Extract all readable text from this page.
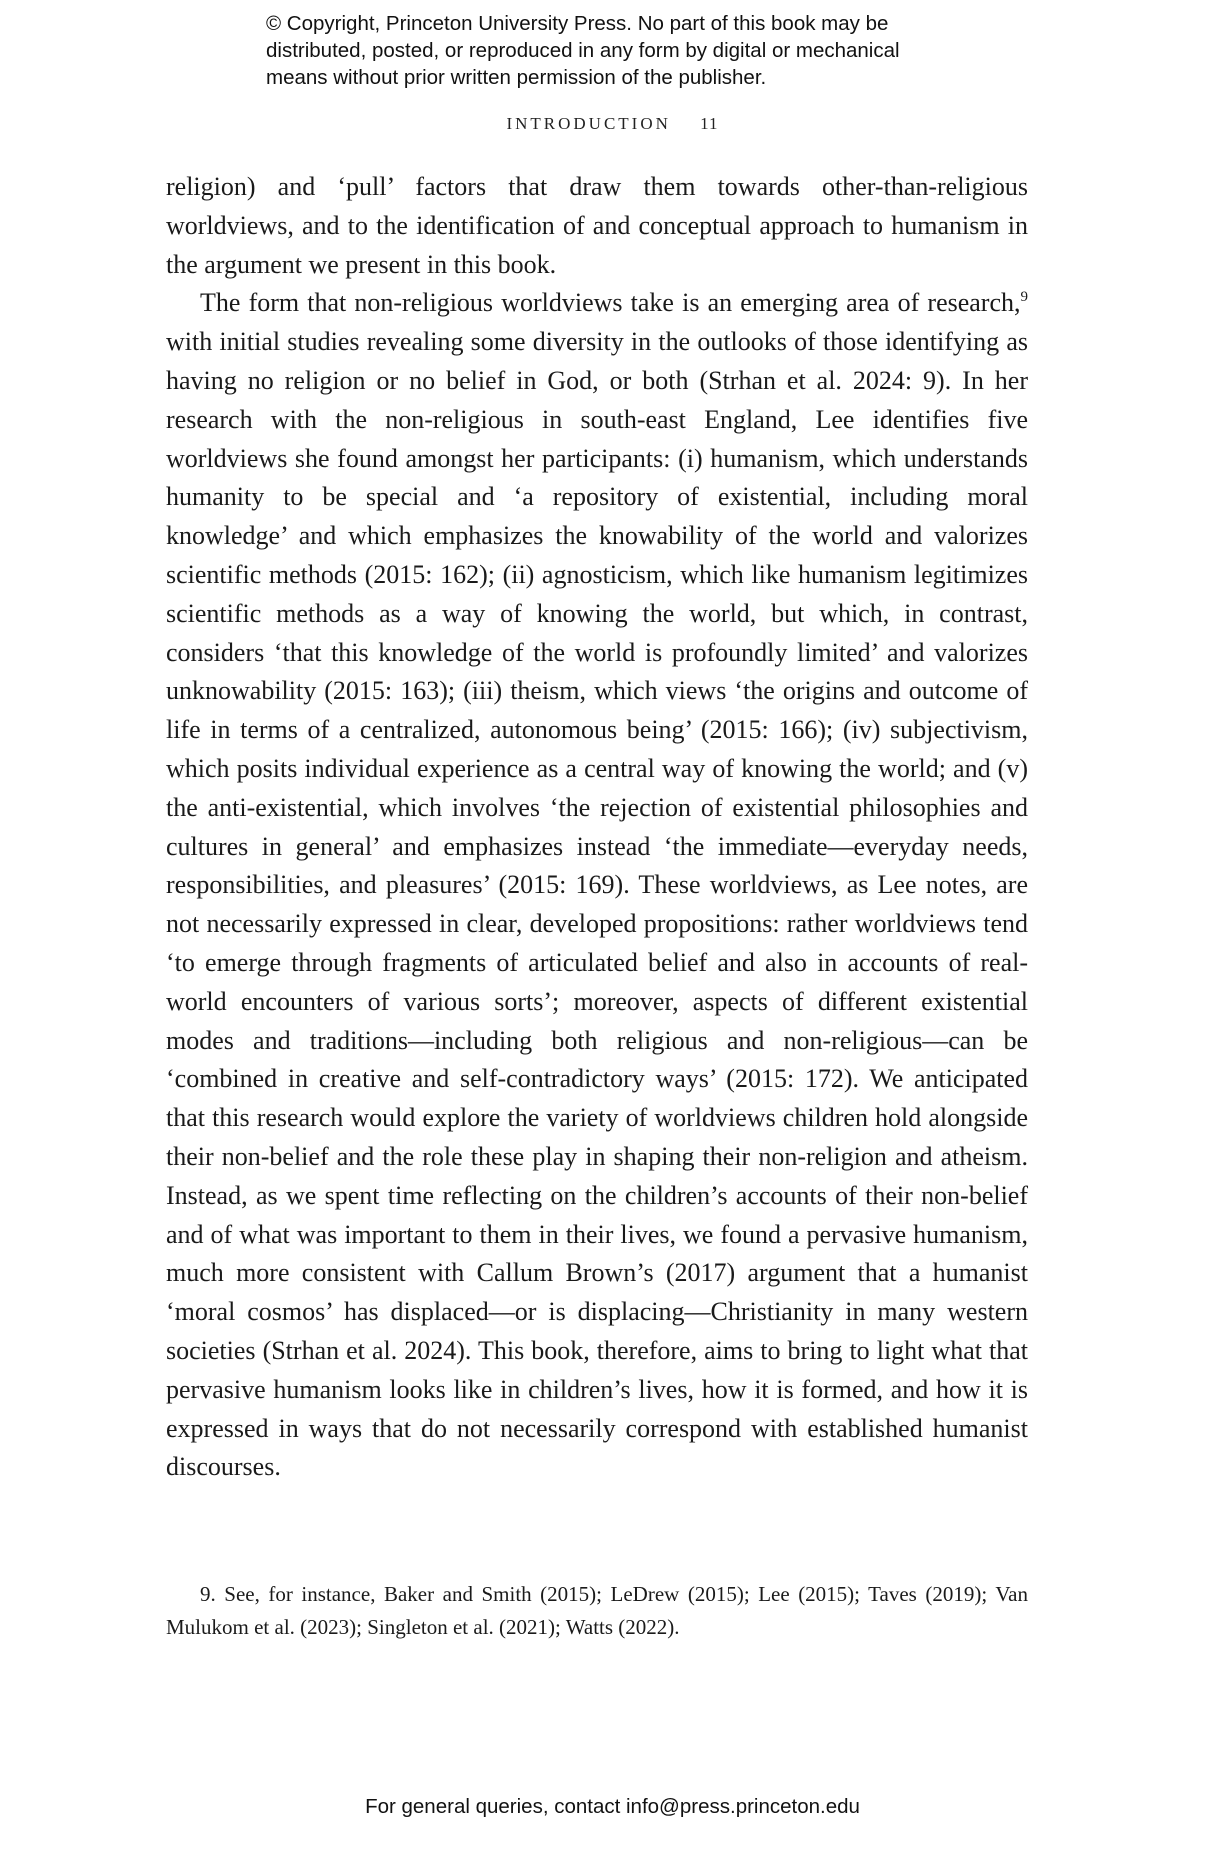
© Copyright, Princeton University Press. No part of this book may be
distributed, posted, or reproduced in any form by digital or mechanical
means without prior written permission of the publisher.
INTRODUCTION 11

religion) and ‘pull’ factors that draw them towards other-than-religious worldviews, and to the identification of and conceptual approach to humanism in the argument we present in this book.

The form that non-religious worldviews take is an emerging area of research,$^9$ with initial studies revealing some diversity in the outlooks of those identifying as having no religion or no belief in God, or both (Strhan et al. 2024: 9). In her research with the non-religious in south-east England, Lee identifies five worldviews she found amongst her participants: (i) humanism, which understands humanity to be special and ‘a repository of existential, including moral knowledge’ and which emphasizes the knowability of the world and valorizes scientific methods (2015: 162); (ii) agnosticism, which like humanism legitimizes scientific methods as a way of knowing the world, but which, in contrast, considers ‘that this knowledge of the world is profoundly limited’ and valorizes unknowability (2015: 163); (iii) theism, which views ‘the origins and outcome of life in terms of a centralized, autonomous being’ (2015: 166); (iv) subjectivism, which posits individual experience as a central way of knowing the world; and (v) the anti-existential, which involves ‘the rejection of existential philosophies and cultures in general’ and emphasizes instead ‘the immediate—everyday needs, responsibilities, and pleasures’ (2015: 169). These worldviews, as Lee notes, are not necessarily expressed in clear, developed propositions: rather worldviews tend ‘to emerge through fragments of articulated belief and also in accounts of real-world encounters of various sorts’; moreover, aspects of different existential modes and traditions—including both religious and non-religious—can be ‘combined in creative and self-contradictory ways’ (2015: 172). We anticipated that this research would explore the variety of worldviews children hold alongside their non-belief and the role these play in shaping their non-religion and atheism. Instead, as we spent time reflecting on the children’s accounts of their non-belief and of what was important to them in their lives, we found a pervasive humanism, much more consistent with Callum Brown’s (2017) argument that a humanist ‘moral cosmos’ has displaced—or is displacing—Christianity in many western societies (Strhan et al. 2024). This book, therefore, aims to bring to light what that pervasive humanism looks like in children’s lives, how it is formed, and how it is expressed in ways that do not necessarily correspond with established humanist discourses.

9. See, for instance, Baker and Smith (2015); LeDrew (2015); Lee (2015); Taves (2019); Van Mulukom et al. (2023); Singleton et al. (2021); Watts (2022).
For general queries, contact info@press.princeton.edu
